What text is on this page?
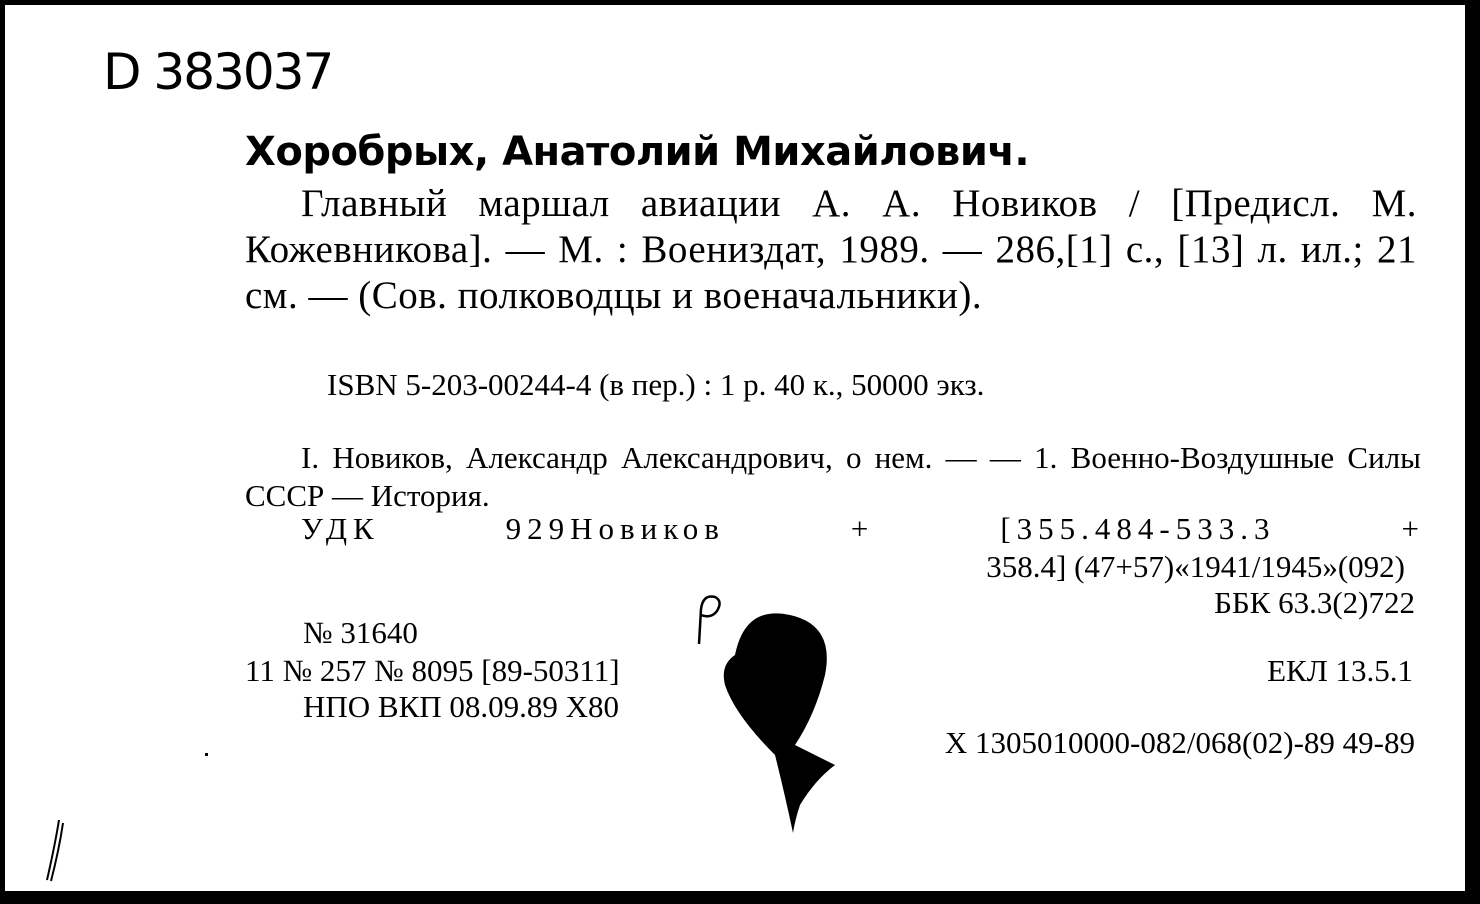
D 383037
Хоробрых, Анатолий Михайлович.
Главный маршал авиации А. А. Новиков / [Предисл. М. Кожевникова]. — М. : Воениздат, 1989. — 286,[1] с., [13] л. ил.; 21 см. — (Сов. полководцы и военачальники).
ISBN 5-203-00244-4 (в пер.) : 1 р. 40 к., 50000 экз.
I. Новиков, Александр Александрович, о нем. — — 1. Военно-Воздушные Силы СССР — История.
УДК	929Новиков	+	[355.484-533.3	+
358.4] (47+57)«1941/1945»(092)
ББК 63.3(2)722
№ 31640
11 № 257 № 8095 [89-50311]
НПО ВКП 08.09.89 Х80
ЕКЛ 13.5.1
Х 1305010000-082/068(02)-89 49-89
